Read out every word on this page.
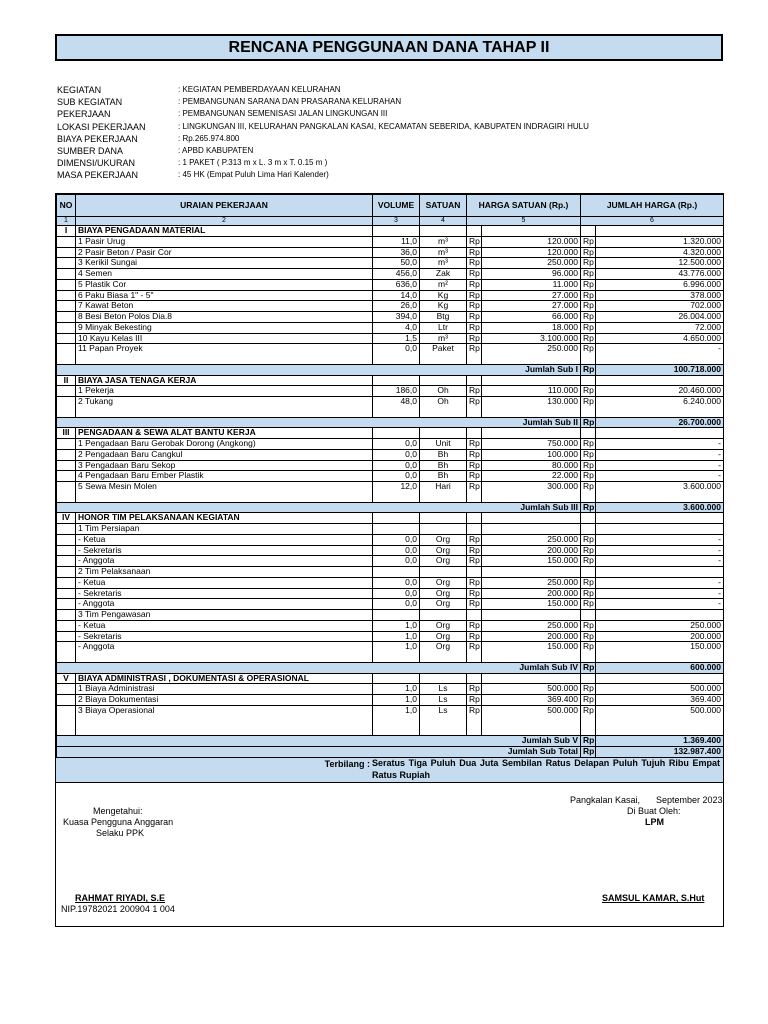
RENCANA PENGGUNAAN DANA TAHAP II
KEGIATAN	: KEGIATAN PEMBERDAYAAN KELURAHAN
SUB KEGIATAN	: PEMBANGUNAN SARANA DAN PRASARANA KELURAHAN
PEKERJAAN	: PEMBANGUNAN SEMENISASI JALAN LINGKUNGAN III
LOKASI PEKERJAAN	: LINGKUNGAN III, KELURAHAN PANGKALAN KASAI, KECAMATAN SEBERIDA, KABUPATEN INDRAGIRI HULU
BIAYA PEKERJAAN	: Rp.265.974.800
SUMBER DANA	: APBD KABUPATEN
DIMENSI/UKURAN	: 1 PAKET ( P.313 m x L. 3 m x T. 0.15 m )
MASA PEKERJAAN	: 45 HK (Empat Puluh Lima Hari Kalender)
NO	URAIAN PEKERJAAN	VOLUME	SATUAN	HARGA SATUAN (Rp.)		JUMLAH HARGA (Rp.)	
1	2	3	4	5		6	
I	BIAYA PENGADAAN MATERIAL						
	1 Pasir Urug	11,0	m³	Rp	120.000	Rp	1.320.000
	2 Pasir Beton / Pasir Cor	36,0	m³	Rp	120.000	Rp	4.320.000
	3 Kerikil Sungai	50,0	m³	Rp	250.000	Rp	12.500.000
	4 Semen	456,0	Zak	Rp	96.000	Rp	43.776.000
	5 Plastik Cor	636,0	m²	Rp	11.000	Rp	6.996.000
	6 Paku Biasa 1" - 5"	14,0	Kg	Rp	27.000	Rp	378.000
	7 Kawat Beton	26,0	Kg	Rp	27.000	Rp	702.000
	8 Besi Beton Polos Dia.8	394,0	Btg	Rp	66.000	Rp	26.004.000
	9 Minyak Bekesting	4,0	Ltr	Rp	18.000	Rp	72.000
	10 Kayu Kelas III	1,5	m³	Rp	3.100.000	Rp	4.650.000
	11 Papan Proyek	0,0	Paket	Rp	250.000	Rp	-

Jumlah Sub I						Rp	100.718.000
II	BIAYA JASA TENAGA KERJA						
	1 Pekerja	186,0	Oh	Rp	110.000	Rp	20.460.000
	2 Tukang	48,0	Oh	Rp	130.000	Rp	6.240.000

Jumlah Sub II						Rp	26.700.000
III	PENGADAAN & SEWA ALAT BANTU KERJA						
	1 Pengadaan Baru Gerobak Dorong (Angkong)	0,0	Unit	Rp	750.000	Rp	-
	2 Pengadaan Baru Cangkul	0,0	Bh	Rp	100.000	Rp	-
	3 Pengadaan Baru Sekop	0,0	Bh	Rp	80.000	Rp	-
	4 Pengadaan Baru Ember Plastik	0,0	Bh	Rp	22.000	Rp	-
	5 Sewa Mesin Molen	12,0	Hari	Rp	300.000	Rp	3.600.000

Jumlah Sub III						Rp	3.600.000
IV	HONOR TIM PELAKSANAAN KEGIATAN						
	1 Tim Persiapan						
	- Ketua	0,0	Org	Rp	250.000	Rp	-
	- Sekretaris	0,0	Org	Rp	200.000	Rp	-
	- Anggota	0,0	Org	Rp	150.000	Rp	-
	2 Tim Pelaksanaan						
	- Ketua	0,0	Org	Rp	250.000	Rp	-
	- Sekretaris	0,0	Org	Rp	200.000	Rp	-
	- Anggota	0,0	Org	Rp	150.000	Rp	-
	3 Tim Pengawasan						
	- Ketua	1,0	Org	Rp	250.000	Rp	250.000
	- Sekretaris	1,0	Org	Rp	200.000	Rp	200.000
	- Anggota	1,0	Org	Rp	150.000	Rp	150.000

Jumlah Sub IV						Rp	600.000
V	BIAYA ADMINISTRASI , DOKUMENTASI & OPERASIONAL						
	1 Biaya Administrasi	1,0	Ls	Rp	500.000	Rp	500.000
	2 Biaya Dokumentasi	1,0	Ls	Rp	369.400	Rp	369.400
	3 Biaya Operasional	1,0	Ls	Rp	500.000	Rp	500.000

Jumlah Sub V						Rp	1.369.400
Jumlah Sub Total						Rp	132.987.400
Terbilang : Seratus Tiga Puluh Dua Juta Sembilan Ratus Delapan Puluh Tujuh Ribu Empat Ratus Rupiah
Pangkalan Kasai, September 2023
Di Buat Oleh:
LPM
Mengetahui:
Kuasa Pengguna Anggaran
Selaku PPK
RAHMAT RIYADI, S.E
NIP.19782021 200904 1 004
SAMSUL KAMAR, S.Hut
